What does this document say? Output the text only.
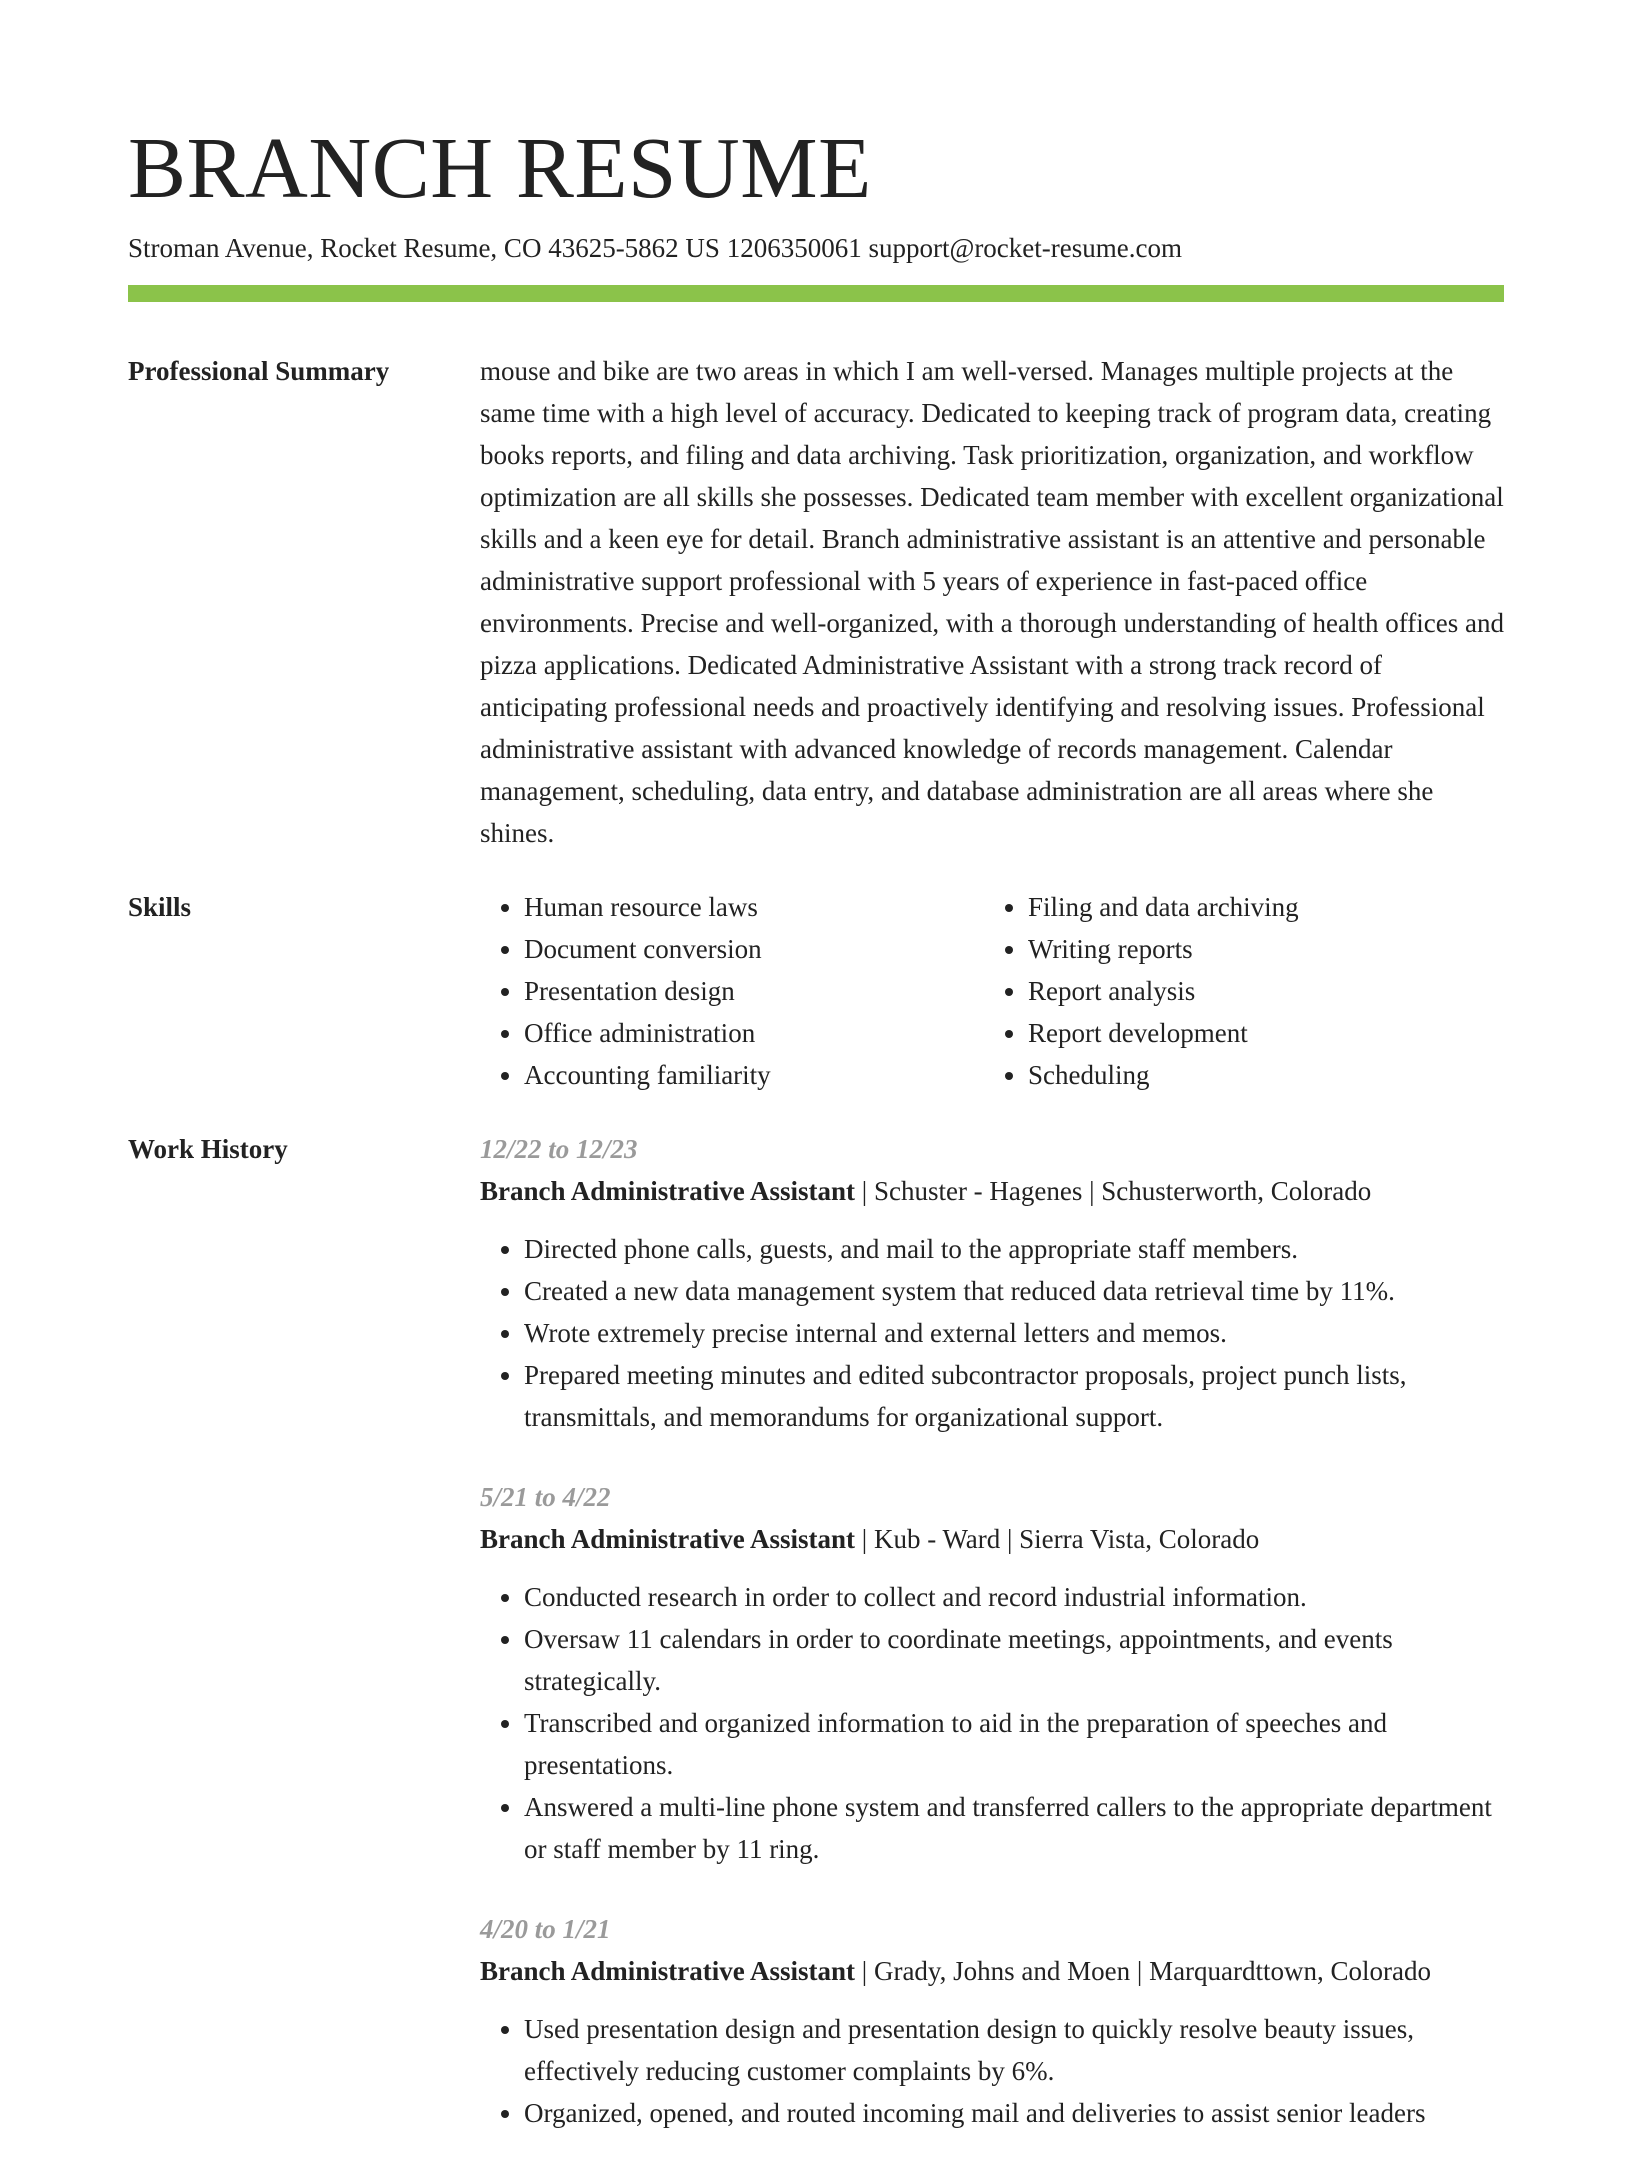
BRANCH RESUME
Stroman Avenue, Rocket Resume, CO 43625-5862 US 1206350061 support@rocket-resume.com
Professional Summary	mouse and bike are two areas in which I am well-versed. Manages multiple projects at the same time with a high level of accuracy. Dedicated to keeping track of program data, creating books reports, and filing and data archiving. Task prioritization, organization, and workflow optimization are all skills she possesses. Dedicated team member with excellent organizational skills and a keen eye for detail. Branch administrative assistant is an attentive and personable administrative support professional with 5 years of experience in fast-paced office environments. Precise and well-organized, with a thorough understanding of health offices and pizza applications. Dedicated Administrative Assistant with a strong track record of anticipating professional needs and proactively identifying and resolving issues. Professional administrative assistant with advanced knowledge of records management. Calendar management, scheduling, data entry, and database administration are all areas where she shines.

Skills
•	Human resource laws
• Document conversion
• Presentation design
• Office administration
• Accounting familiarity
• Filing and data archiving
• Writing reports
• Report analysis
• Report development
• Scheduling
Work History	12/22 to 12/23
Branch Administrative Assistant | Schuster - Hagenes | Schusterworth, Colorado
• Directed phone calls, guests, and mail to the appropriate staff members.
• Created a new data management system that reduced data retrieval time by 11%.
• Wrote extremely precise internal and external letters and memos.
• Prepared meeting minutes and edited subcontractor proposals, project punch lists, transmittals, and memorandums for organizational support.
5/21 to 4/22
Branch Administrative Assistant | Kub - Ward | Sierra Vista, Colorado
• Conducted research in order to collect and record industrial information.
• Oversaw 11 calendars in order to coordinate meetings, appointments, and events strategically.
• Transcribed and organized information to aid in the preparation of speeches and presentations.
• Answered a multi-line phone system and transferred callers to the appropriate department or staff member by 11 ring.
4/20 to 1/21
Branch Administrative Assistant | Grady, Johns and Moen | Marquardttown, Colorado
• Used presentation design and presentation design to quickly resolve beauty issues, effectively reducing customer complaints by 6%.
• Organized, opened, and routed incoming mail and deliveries to assist senior leaders
